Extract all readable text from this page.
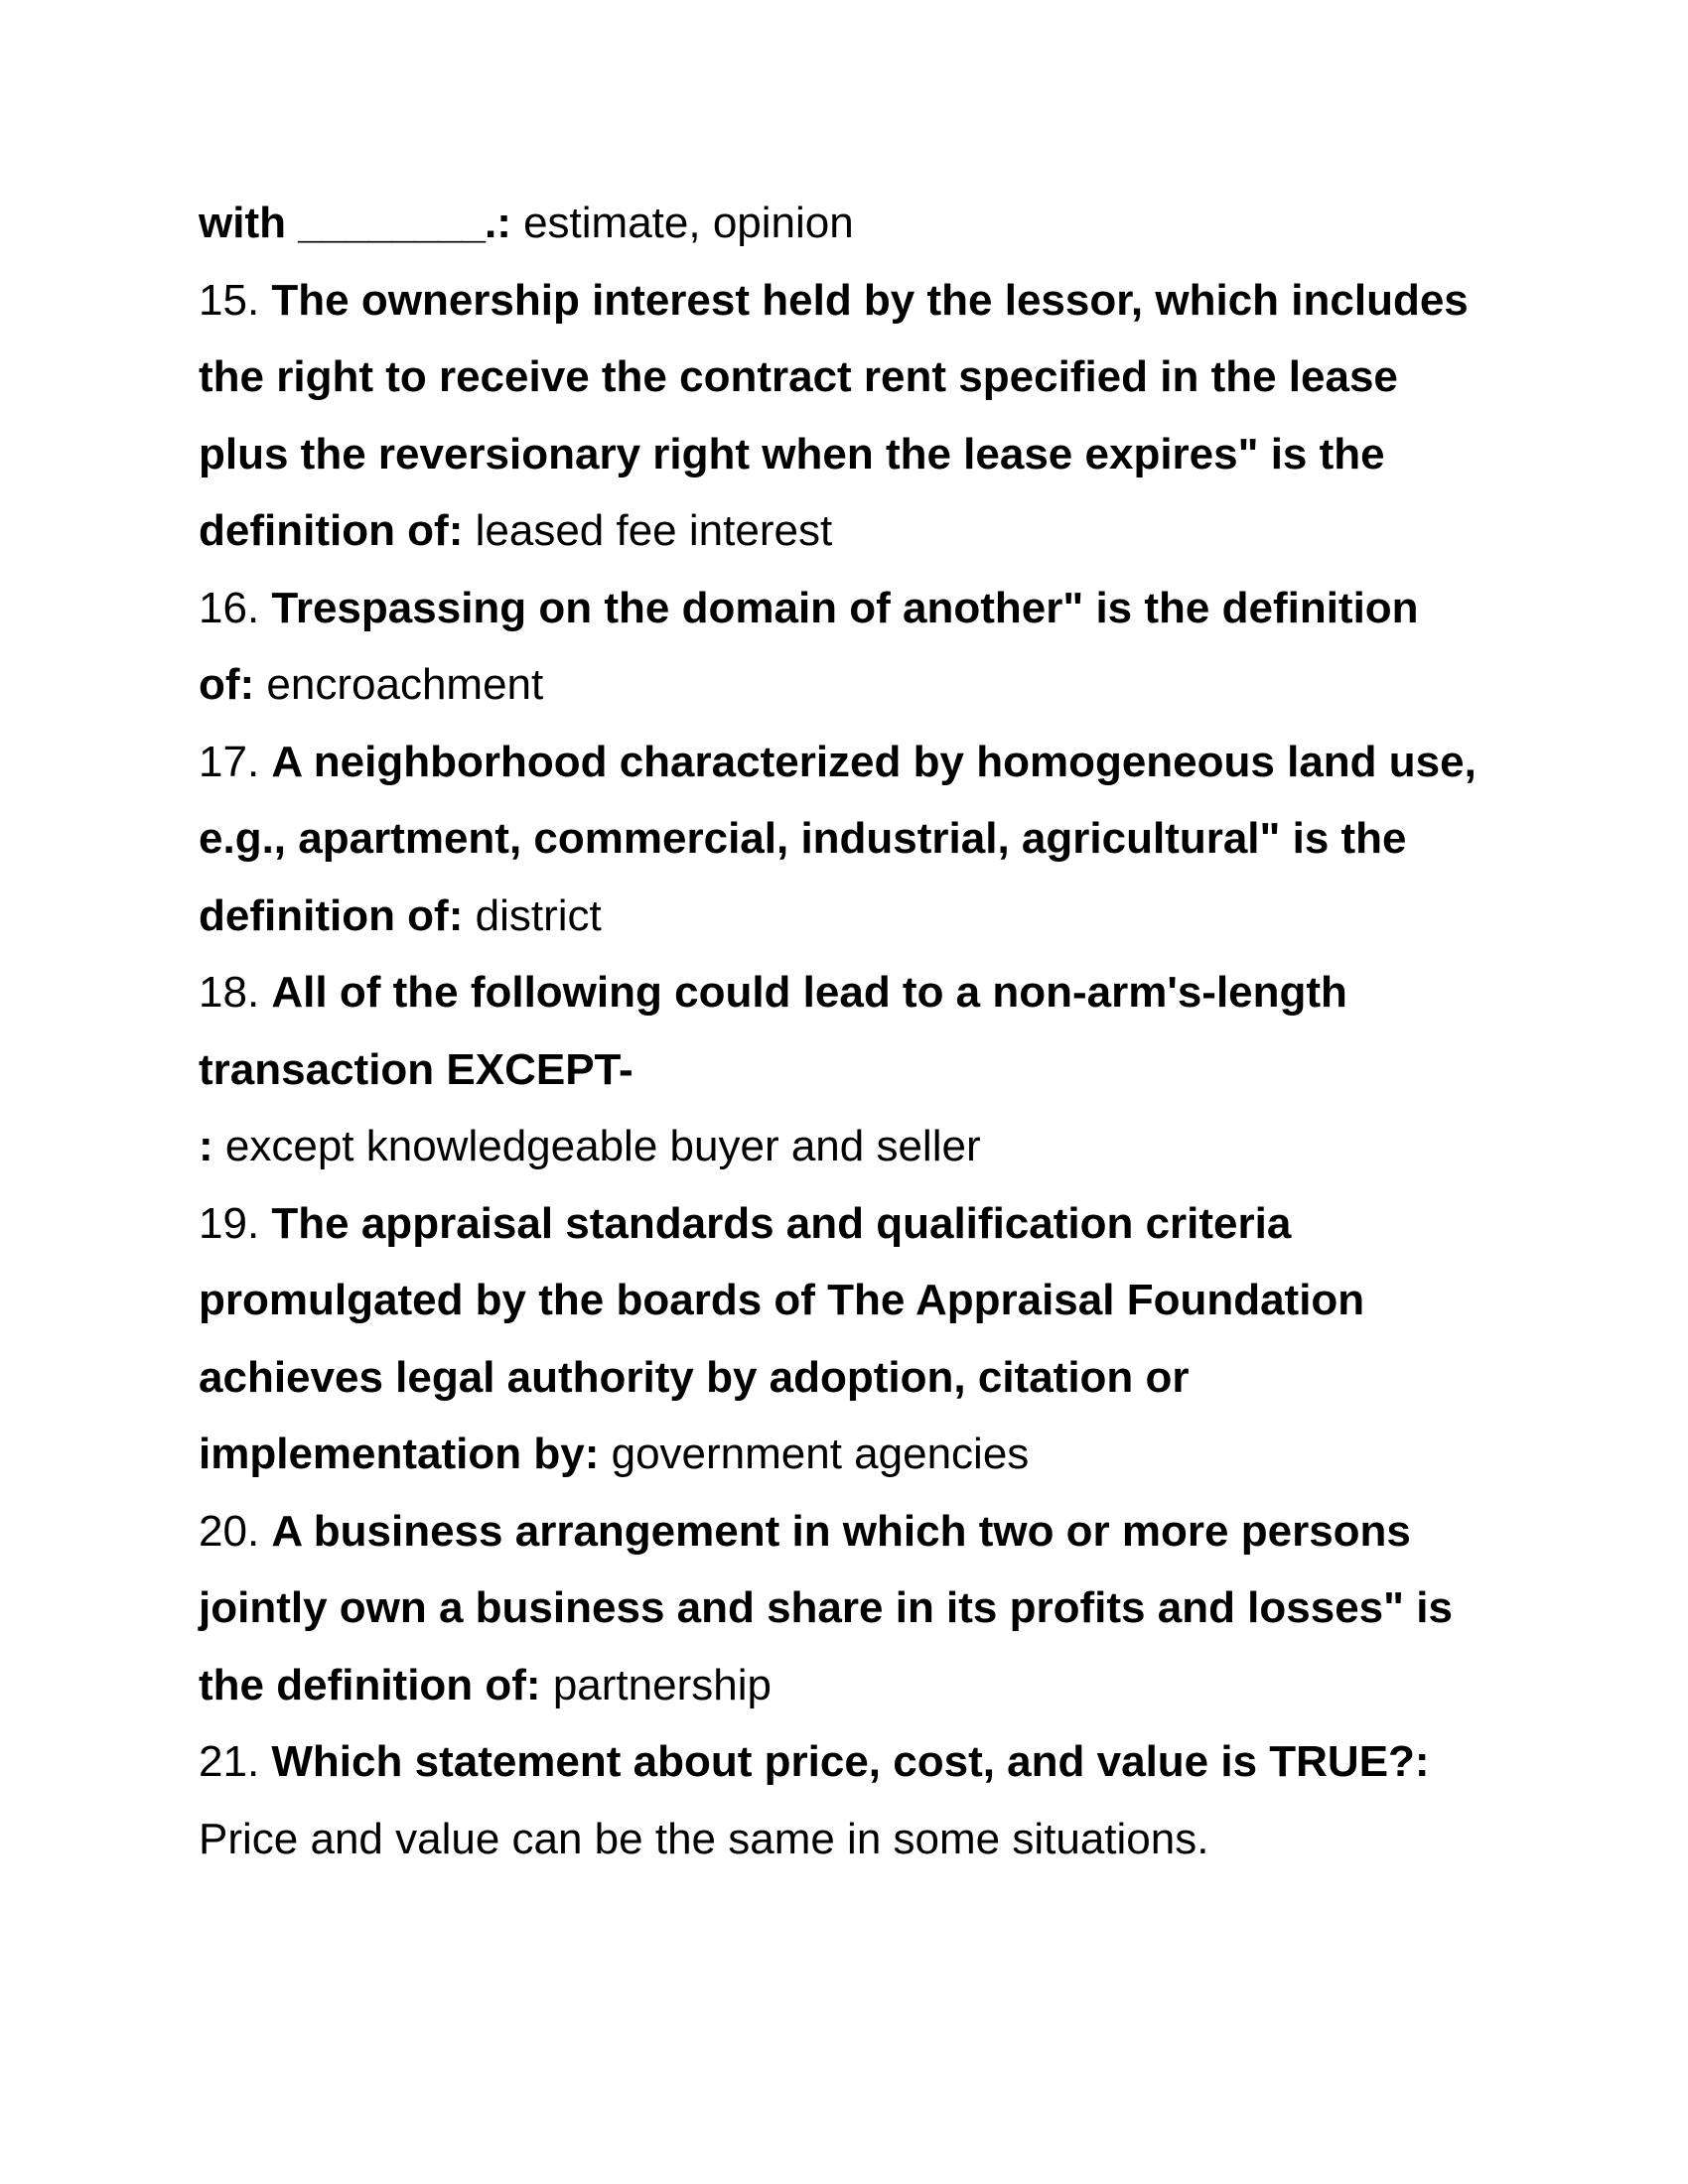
with ________.: estimate, opinion
15. The ownership interest held by the lessor, which includes
the right to receive the contract rent specified in the lease
plus the reversionary right when the lease expires" is the
definition of: leased fee interest
16. Trespassing on the domain of another" is the definition
of: encroachment
17. A neighborhood characterized by homogeneous land use,
e.g., apartment, commercial, industrial, agricultural" is the
definition of: district
18. All of the following could lead to a non-arm's-length
transaction EXCEPT-
: except knowledgeable buyer and seller
19. The appraisal standards and qualification criteria
promulgated by the boards of The Appraisal Foundation
achieves legal authority by adoption, citation or
implementation by: government agencies
20. A business arrangement in which two or more persons
jointly own a business and share in its profits and losses" is
the definition of: partnership
21. Which statement about price, cost, and value is TRUE?:
Price and value can be the same in some situations.
